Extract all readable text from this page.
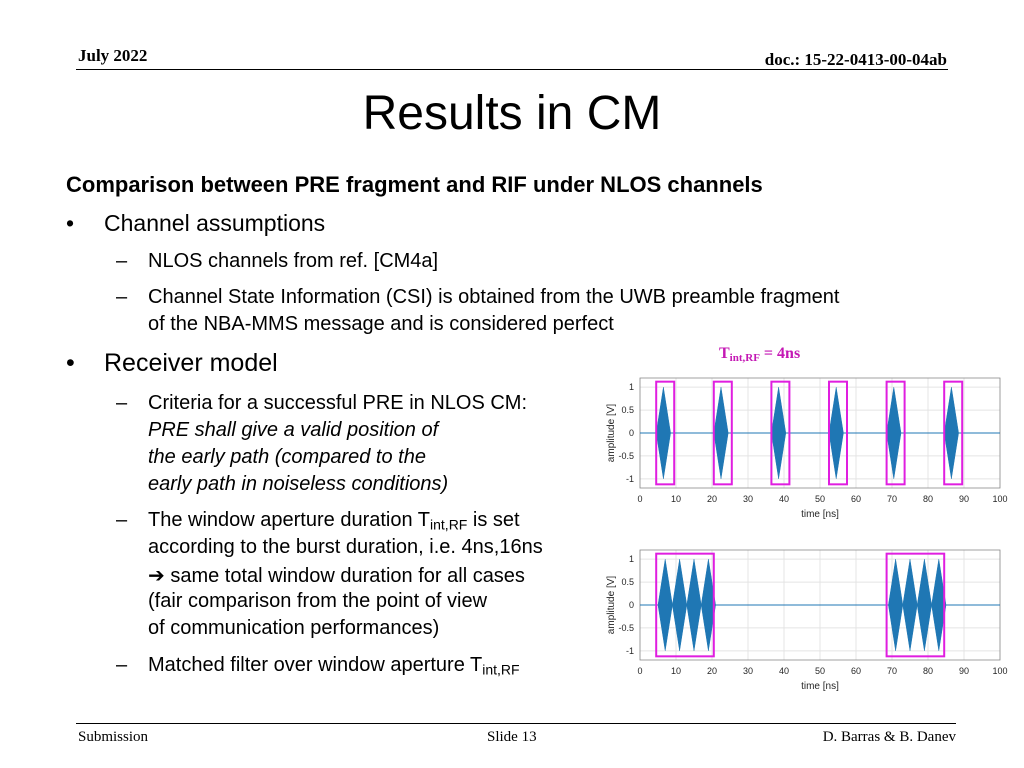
July 2022	doc.: 15-22-0413-00-04ab
Results in CM
Comparison between PRE fragment and RIF under NLOS channels
• Channel assumptions
– NLOS channels from ref. [CM4a]
– Channel State Information (CSI) is obtained from the UWB preamble fragment
of the NBA-MMS message and is considered perfect
• Receiver model
– Criteria for a successful PRE in NLOS CM:
PRE shall give a valid position of
the early path (compared to the
early path in noiseless conditions)
– The window aperture duration $T_{int,RF}$ is set
according to the burst duration, i.e. 4ns,16ns
➔ same total window duration for all cases
(fair comparison from the point of view
of communication performances)
– Matched filter over window aperture $T_{int,RF}$
$T_{int,RF} = 4ns$
0	10	20	30	40	50	60	70	80	90	100
1
0.5
0
-0.5
-1
time [ns]
amplitude [V]
0	10	20	30	40	50	60	70	80	90	100
1
0.5
0
-0.5
-1
time [ns]
amplitude [V]
Submission	Slide 13	D. Barras & B. Danev
